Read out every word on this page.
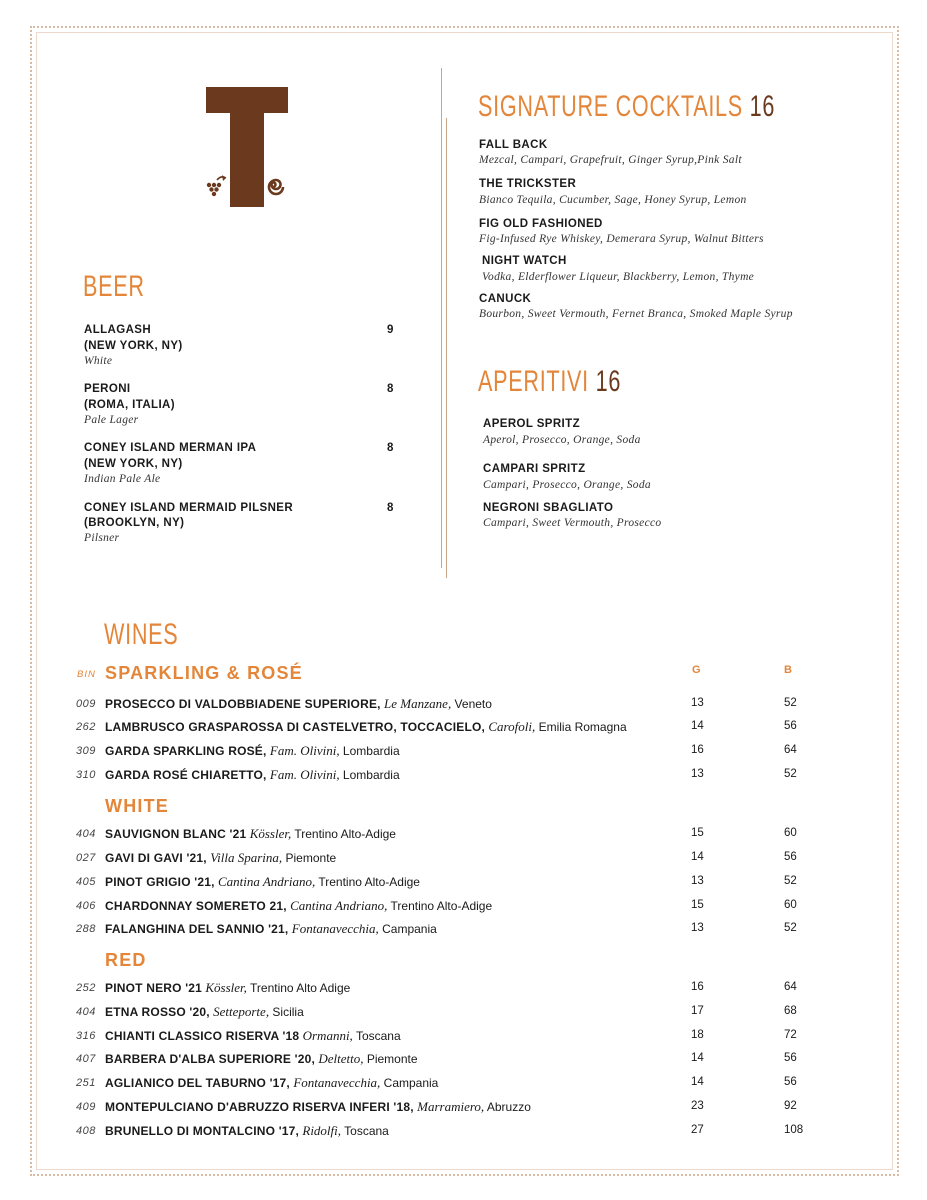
BEER
ALLAGASH	9
(NEW YORK, NY)
White
PERONI	8
(ROMA, ITALIA)
Pale Lager
CONEY ISLAND MERMAN IPA	8
(NEW YORK, NY)
Indian Pale Ale
CONEY ISLAND MERMAID PILSNER	8
(BROOKLYN, NY)
Pilsner
SIGNATURE COCKTAILS 16
FALL BACK
Mezcal, Campari, Grapefruit, Ginger Syrup,Pink Salt
THE TRICKSTER
Bianco Tequila, Cucumber, Sage, Honey Syrup, Lemon
FIG OLD FASHIONED
Fig-Infused Rye Whiskey, Demerara Syrup, Walnut Bitters
NIGHT WATCH
Vodka, Elderflower Liqueur, Blackberry, Lemon, Thyme
CANUCK
Bourbon, Sweet Vermouth, Fernet Branca, Smoked Maple Syrup
APERITIVI 16
APEROL SPRITZ
Aperol, Prosecco, Orange, Soda
CAMPARI SPRITZ
Campari, Prosecco, Orange, Soda
NEGRONI SBAGLIATO
Campari, Sweet Vermouth, Prosecco
WINES
BIN	G	B
SPARKLING & ROSÉ
WHITE
RED
009 PROSECCO DI VALDOBBIADENE SUPERIORE, Le Manzane, Veneto	13	52
262 LAMBRUSCO GRASPAROSSA DI CASTELVETRO, TOCCACIELO, Carofoli, Emilia Romagna	14	56
309 GARDA SPARKLING ROSÉ, Fam. Olivini, Lombardia	16	64
310 GARDA ROSÉ CHIARETTO, Fam. Olivini, Lombardia	13	52
404 SAUVIGNON BLANC '21 Kössler, Trentino Alto-Adige	15	60
027 GAVI DI GAVI '21, Villa Sparina, Piemonte	14	56
405 PINOT GRIGIO '21, Cantina Andriano, Trentino Alto-Adige	13	52
406 CHARDONNAY SOMERETO 21, Cantina Andriano, Trentino Alto-Adige	15	60
288 FALANGHINA DEL SANNIO '21, Fontanavecchia, Campania	13	52
252 PINOT NERO '21 Kössler, Trentino Alto Adige	16	64
404 ETNA ROSSO '20, Setteporte, Sicilia	17	68
316 CHIANTI CLASSICO RISERVA '18 Ormanni, Toscana	18	72
407 BARBERA D'ALBA SUPERIORE '20, Deltetto, Piemonte	14	56
251 AGLIANICO DEL TABURNO '17, Fontanavecchia, Campania	14	56
409 MONTEPULCIANO D'ABRUZZO RISERVA INFERI '18, Marramiero, Abruzzo	23	92
408 BRUNELLO DI MONTALCINO '17, Ridolfi, Toscana	27	108
